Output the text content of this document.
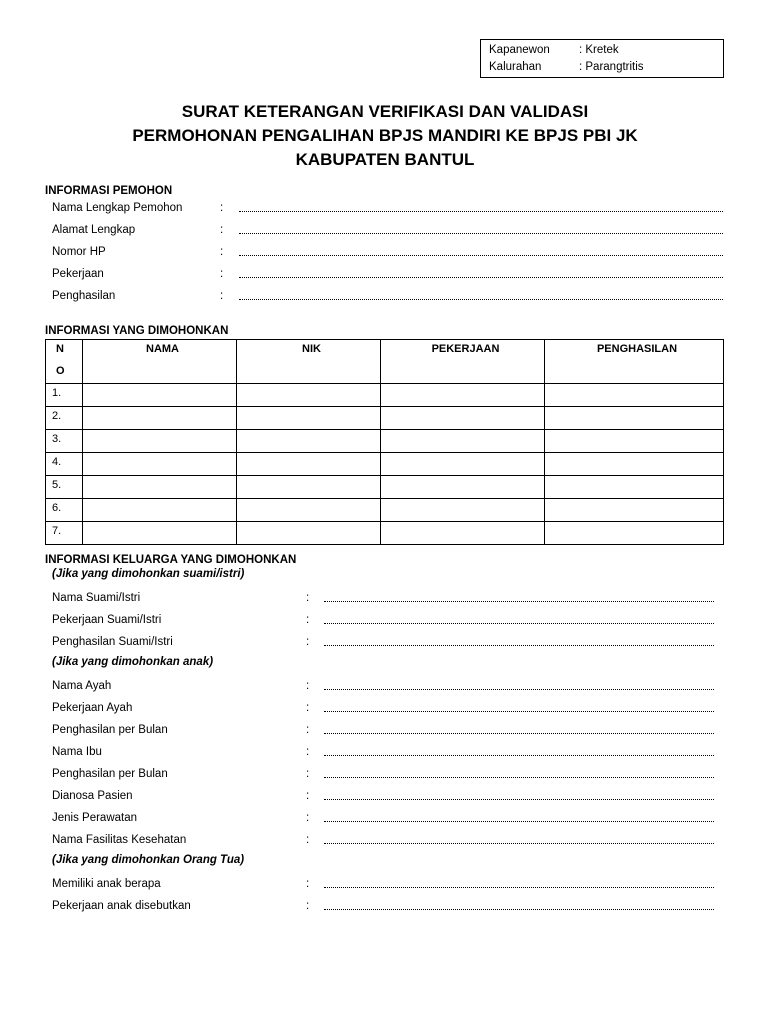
Kapanewon	: Kretek
Kalurahan	: Parangtritis
SURAT KETERANGAN VERIFIKASI DAN VALIDASI
PERMOHONAN PENGALIHAN BPJS MANDIRI KE BPJS PBI JK
KABUPATEN BANTUL
INFORMASI PEMOHON
Nama Lengkap Pemohon	:
Alamat Lengkap	:
Nomor HP	:
Pekerjaan	:
Penghasilan	:
INFORMASI YANG DIMOHONKAN
N
O	NAMA	NIK	PEKERJAAN	PENGHASILAN
1.				
2.				
3.				
4.				
5.				
6.				
7.				
INFORMASI KELUARGA YANG DIMOHONKAN
(Jika yang dimohonkan suami/istri)
Nama Suami/Istri	:
Pekerjaan Suami/Istri	:
Penghasilan Suami/Istri	:
(Jika yang dimohonkan anak)
Nama Ayah	:
Pekerjaan Ayah	:
Penghasilan per Bulan	:
Nama Ibu	:
Penghasilan per Bulan	:
Dianosa Pasien	:
Jenis Perawatan	:
Nama Fasilitas Kesehatan	:
(Jika yang dimohonkan Orang Tua)
Memiliki anak berapa	:
Pekerjaan anak disebutkan	:
